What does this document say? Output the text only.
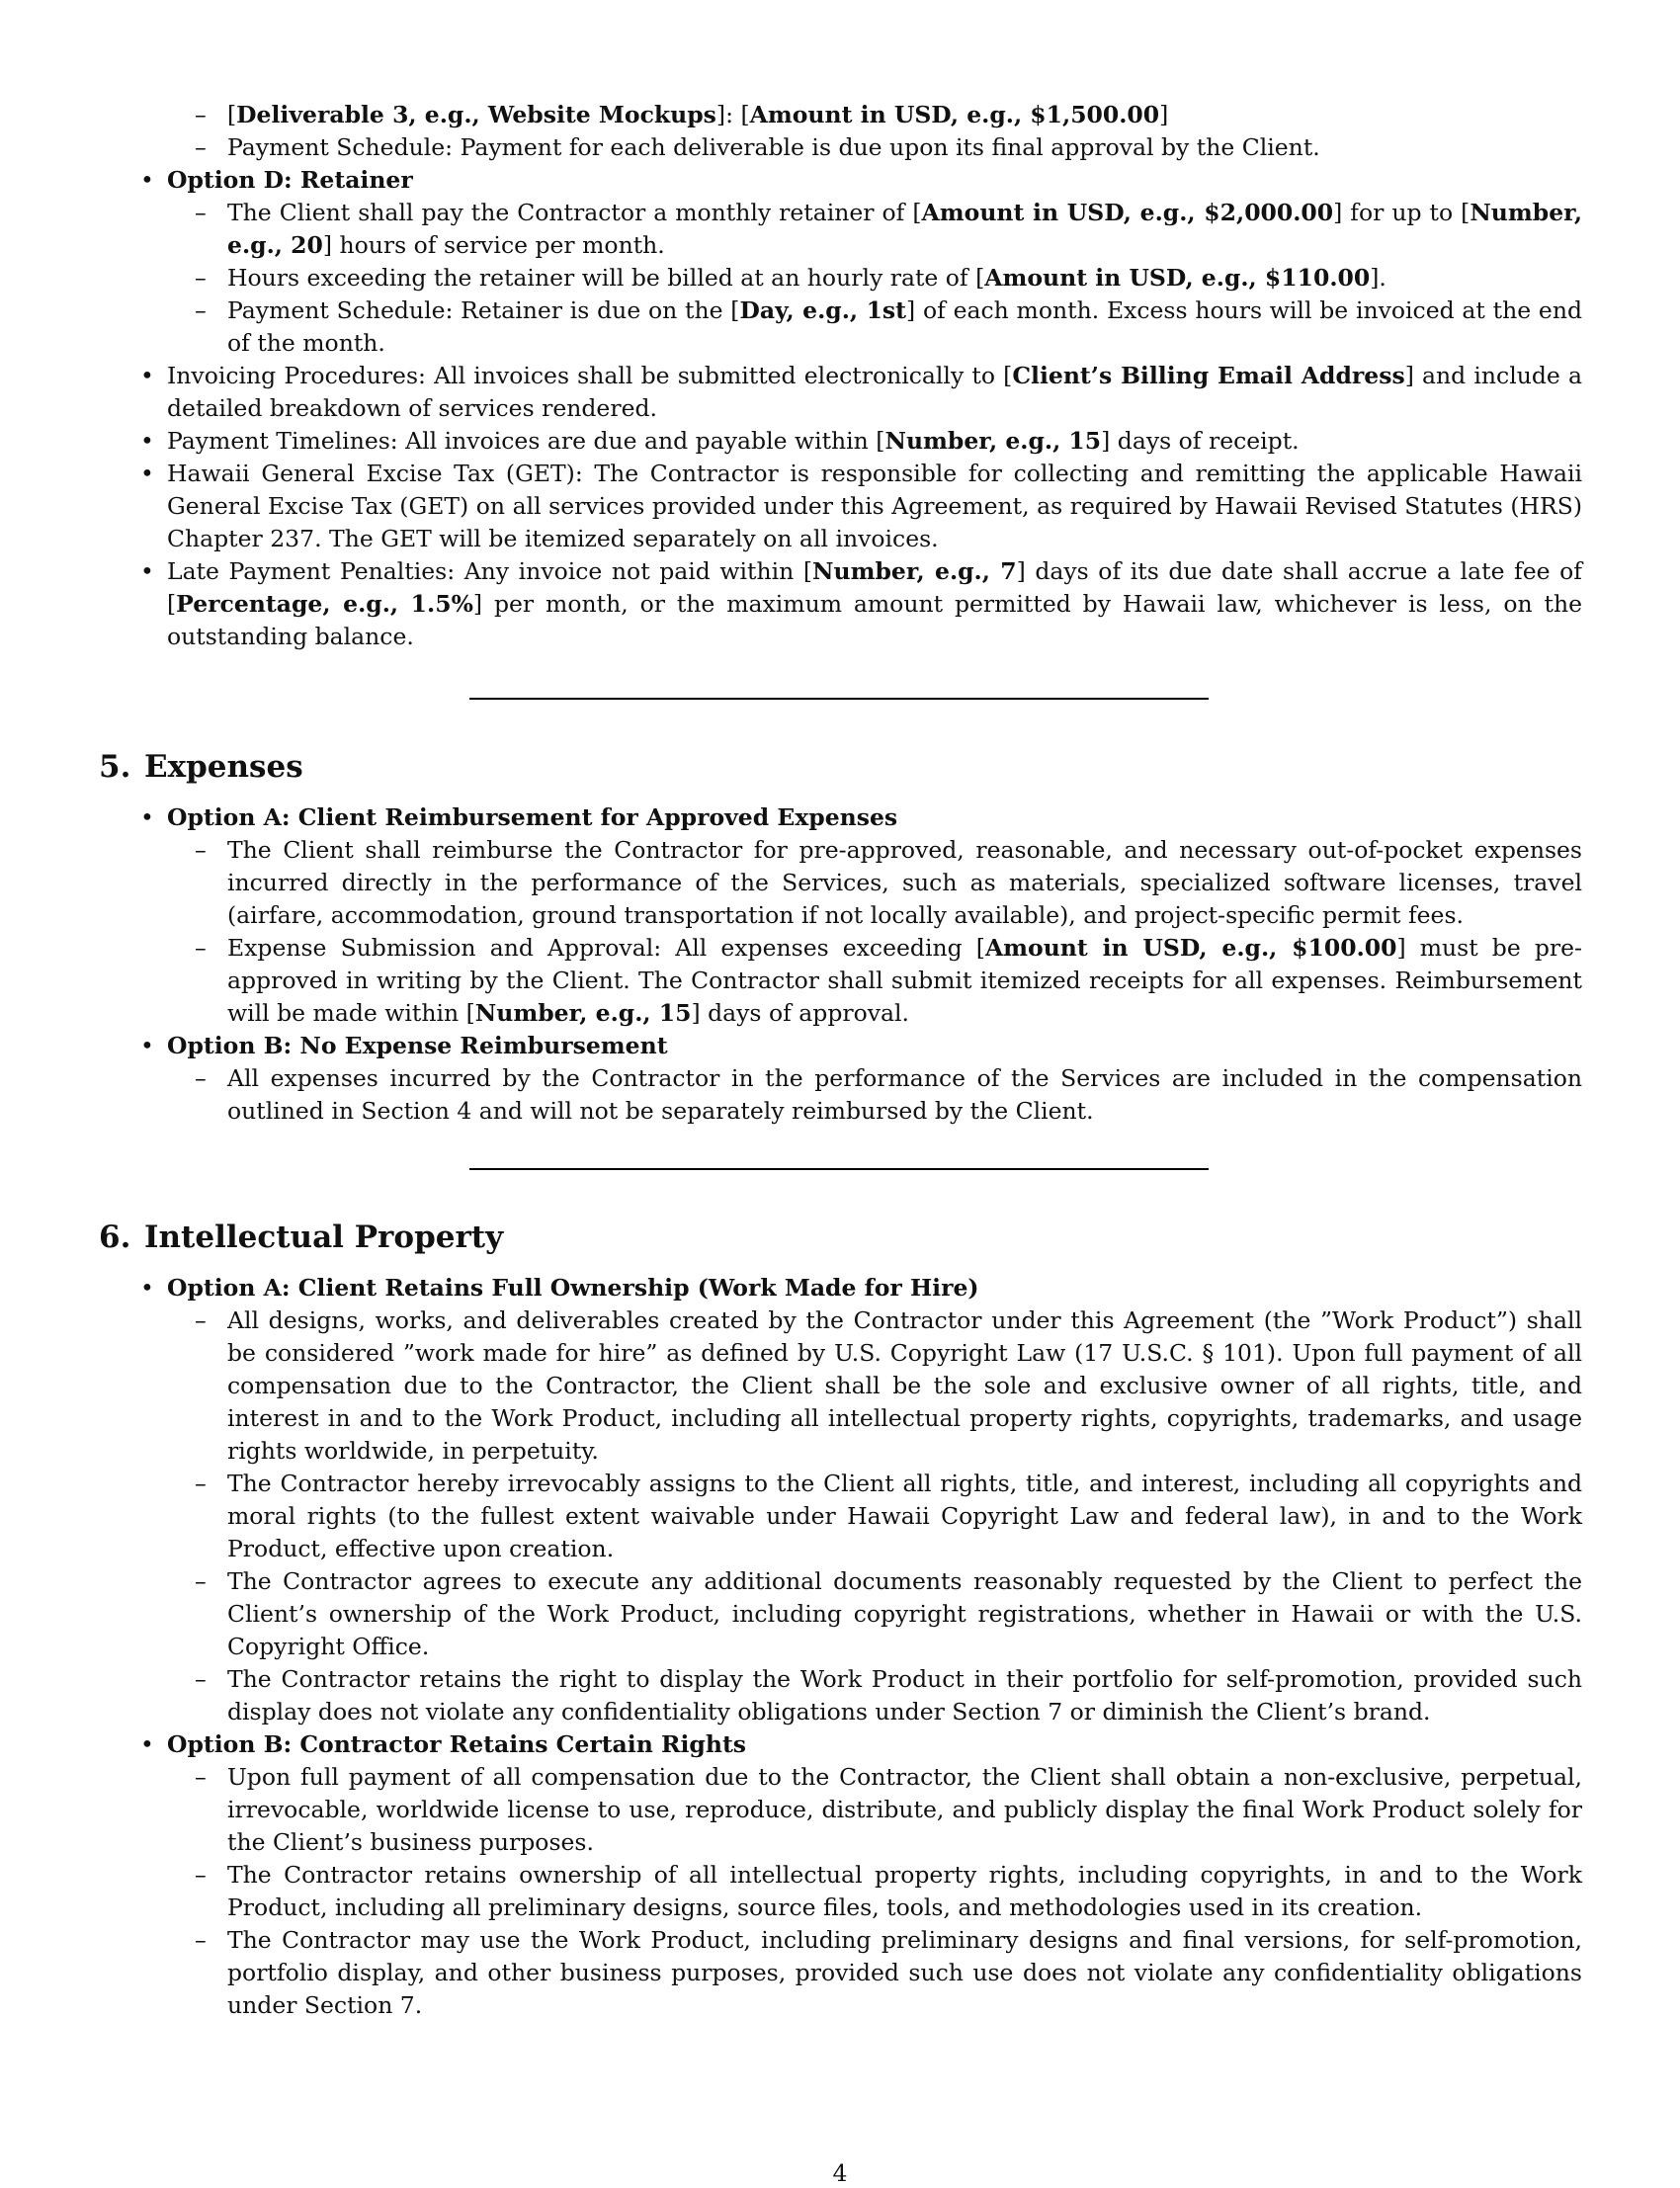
– [Deliverable 3, e.g., Website Mockups]: [Amount in USD, e.g., $1,500.00]
– Payment Schedule: Payment for each deliverable is due upon its final approval by the Client.
• Option D: Retainer
– The Client shall pay the Contractor a monthly retainer of [Amount in USD, e.g., $2,000.00] for up to [Number, e.g., 20] hours of service per month.
– Hours exceeding the retainer will be billed at an hourly rate of [Amount in USD, e.g., $110.00].
– Payment Schedule: Retainer is due on the [Day, e.g., 1st] of each month. Excess hours will be invoiced at the end of the month.
• Invoicing Procedures: All invoices shall be submitted electronically to [Client’s Billing Email Address] and include a detailed breakdown of services rendered.
• Payment Timelines: All invoices are due and payable within [Number, e.g., 15] days of receipt.
• Hawaii General Excise Tax (GET): The Contractor is responsible for collecting and remitting the applicable Hawaii General Excise Tax (GET) on all services provided under this Agreement, as required by Hawaii Revised Statutes (HRS) Chapter 237. The GET will be itemized separately on all invoices.
• Late Payment Penalties: Any invoice not paid within [Number, e.g., 7] days of its due date shall accrue a late fee of [Percentage, e.g., 1.5%] per month, or the maximum amount permitted by Hawaii law, whichever is less, on the outstanding balance.
5. Expenses
• Option A: Client Reimbursement for Approved Expenses
– The Client shall reimburse the Contractor for pre-approved, reasonable, and necessary out-of-pocket expenses incurred directly in the performance of the Services, such as materials, specialized software licenses, travel (airfare, accommodation, ground transportation if not locally available), and project-specific permit fees.
– Expense Submission and Approval: All expenses exceeding [Amount in USD, e.g., $100.00] must be pre-approved in writing by the Client. The Contractor shall submit itemized receipts for all expenses. Reimbursement will be made within [Number, e.g., 15] days of approval.
• Option B: No Expense Reimbursement
– All expenses incurred by the Contractor in the performance of the Services are included in the compensation outlined in Section 4 and will not be separately reimbursed by the Client.
6. Intellectual Property
• Option A: Client Retains Full Ownership (Work Made for Hire)
– All designs, works, and deliverables created by the Contractor under this Agreement (the ”Work Product”) shall be considered ”work made for hire” as defined by U.S. Copyright Law (17 U.S.C. § 101). Upon full payment of all compensation due to the Contractor, the Client shall be the sole and exclusive owner of all rights, title, and interest in and to the Work Product, including all intellectual property rights, copyrights, trademarks, and usage rights worldwide, in perpetuity.
– The Contractor hereby irrevocably assigns to the Client all rights, title, and interest, including all copyrights and moral rights (to the fullest extent waivable under Hawaii Copyright Law and federal law), in and to the Work Product, effective upon creation.
– The Contractor agrees to execute any additional documents reasonably requested by the Client to perfect the Client’s ownership of the Work Product, including copyright registrations, whether in Hawaii or with the U.S. Copyright Office.
– The Contractor retains the right to display the Work Product in their portfolio for self-promotion, provided such display does not violate any confidentiality obligations under Section 7 or diminish the Client’s brand.
• Option B: Contractor Retains Certain Rights
– Upon full payment of all compensation due to the Contractor, the Client shall obtain a non-exclusive, perpetual, irrevocable, worldwide license to use, reproduce, distribute, and publicly display the final Work Product solely for the Client’s business purposes.
– The Contractor retains ownership of all intellectual property rights, including copyrights, in and to the Work Product, including all preliminary designs, source files, tools, and methodologies used in its creation.
– The Contractor may use the Work Product, including preliminary designs and final versions, for self-promotion, portfolio display, and other business purposes, provided such use does not violate any confidentiality obligations under Section 7.
4
